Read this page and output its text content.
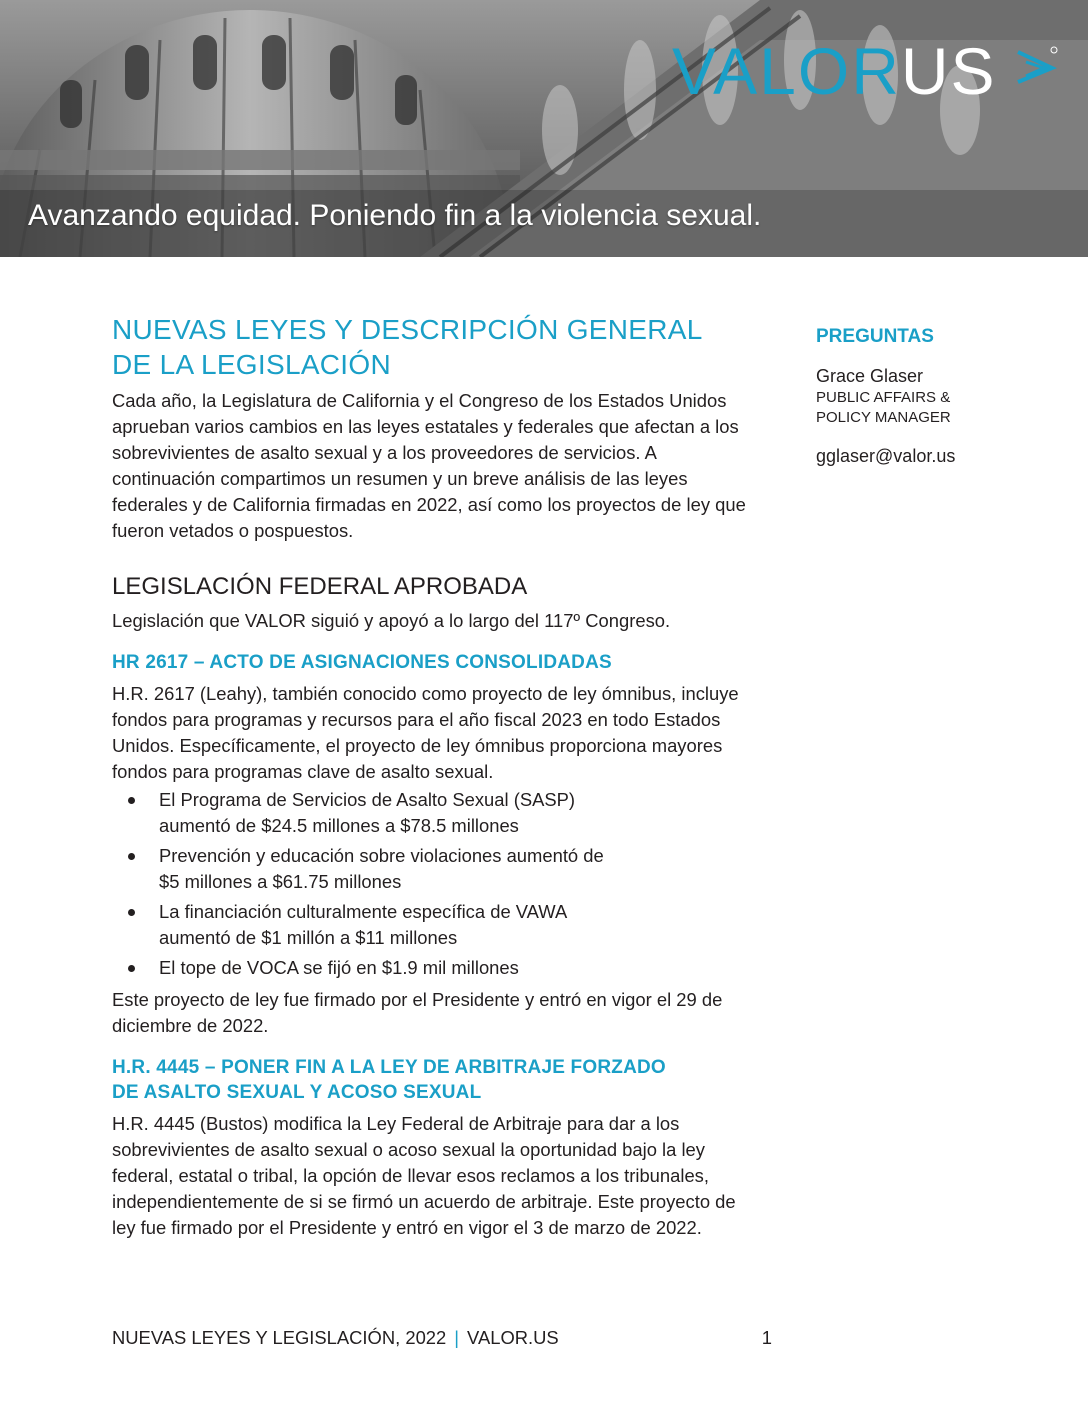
VALORUS
Avanzando equidad. Poniendo fin a la violencia sexual.
NUEVAS LEYES Y DESCRIPCIÓN GENERAL
DE LA LEGISLACIÓN

Cada año, la Legislatura de California y el Congreso de los Estados Unidos aprueban varios cambios en las leyes estatales y federales que afectan a los sobrevivientes de asalto sexual y a los proveedores de servicios. A continuación compartimos un resumen y un breve análisis de las leyes federales y de California firmadas en 2022, así como los proyectos de ley que fueron vetados o pospuestos.

LEGISLACIÓN FEDERAL APROBADA

Legislación que VALOR siguió y apoyó a lo largo del 117º Congreso.

HR 2617 – ACTO DE ASIGNACIONES CONSOLIDADAS

H.R. 2617 (Leahy), también conocido como proyecto de ley ómnibus, incluye fondos para programas y recursos para el año fiscal 2023 en todo Estados Unidos. Específicamente, el proyecto de ley ómnibus proporciona mayores fondos para programas clave de asalto sexual.

El Programa de Servicios de Asalto Sexual (SASP)
aumentó de $24.5 millones a $78.5 millones
Prevención y educación sobre violaciones aumentó de
$5 millones a $61.75 millones
La financiación culturalmente específica de VAWA
aumentó de $1 millón a $11 millones
El tope de VOCA se fijó en $1.9 mil millones

Este proyecto de ley fue firmado por el Presidente y entró en vigor el 29 de diciembre de 2022.

H.R. 4445 – PONER FIN A LA LEY DE ARBITRAJE FORZADO
DE ASALTO SEXUAL Y ACOSO SEXUAL

H.R. 4445 (Bustos) modifica la Ley Federal de Arbitraje para dar a los sobrevivientes de asalto sexual o acoso sexual la oportunidad bajo la ley federal, estatal o tribal, la opción de llevar esos reclamos a los tribunales, independientemente de si se firmó un acuerdo de arbitraje. Este proyecto de ley fue firmado por el Presidente y entró en vigor el 3 de marzo de 2022.

PREGUNTAS

Grace Glaser

PUBLIC AFFAIRS &
POLICY MANAGER

gglaser@valor.us

NUEVAS LEYES Y LEGISLACIÓN, 2022 | VALOR.US	1
